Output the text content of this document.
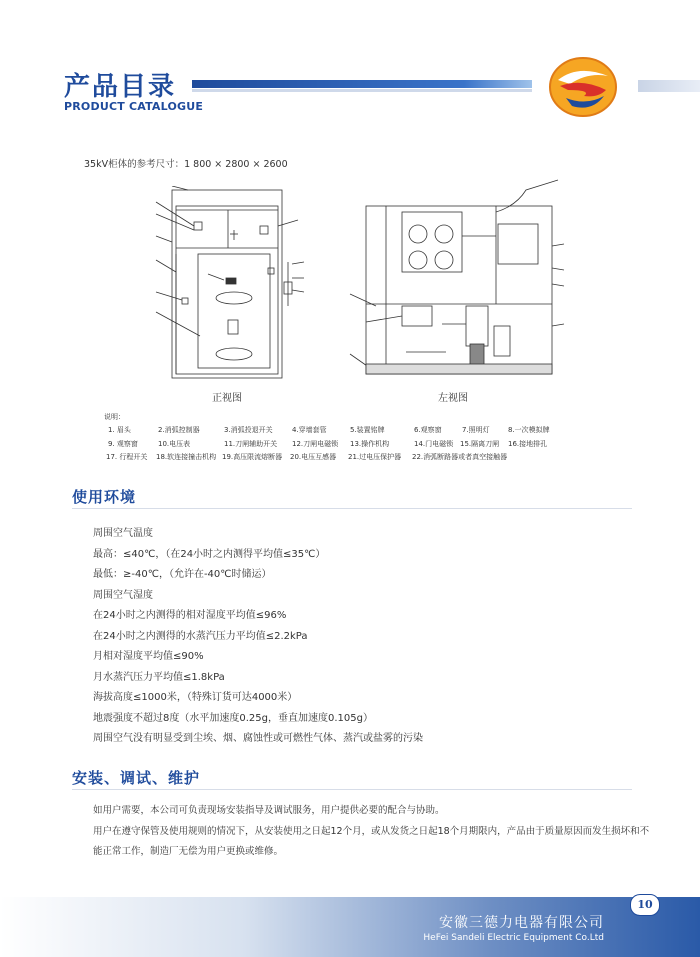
产品目录
PRODUCT CATALOGUE
35kV柜体的参考尺寸：1 800 × 2800 × 2600
正视图	左视图
说明：
1. 眉头	2.消弧控制器	3.消弧投退开关	4.穿墙套管	5.装置铭牌	6.观察窗	7.照明灯	8.一次模拟牌
9. 观察窗	10.电压表	11.刀闸辅助开关 12.刀闸电磁锁 13.操作机构	14.门电磁锁 15.隔离刀闸 16.接地排孔
17. 行程开关 18.软连接撞击机构 19.高压限流熔断器 20.电压互感器 21.过电压保护器 22.消弧断路器或者真空接触器
使用环境
周围空气温度
最高：≤40℃，（在24小时之内测得平均值≤35℃）
最低：≥-40℃，（允许在-40℃时储运）
周围空气湿度
在24小时之内测得的相对湿度平均值≤96%
在24小时之内测得的水蒸汽压力平均值≤2.2kPa
月相对湿度平均值≤90%
月水蒸汽压力平均值≤1.8kPa
海拔高度≤1000米，（特殊订货可达4000米）
地震强度不超过8度（水平加速度0.25g，垂直加速度0.105g）
周围空气没有明显受到尘埃、烟、腐蚀性或可燃性气体、蒸汽或盐雾的污染
安装、调试、维护
如用户需要，本公司可负责现场安装指导及调试服务，用户提供必要的配合与协助。
用户在遵守保管及使用规则的情况下，从安装使用之日起12个月，或从发货之日起18个月期限内，产品由于质量原因而发生损坏和不能正常工作，制造厂无偿为用户更换或维修。
10
安徽三德力电器有限公司
HeFei Sandeli Electric Equipment Co.Ltd
